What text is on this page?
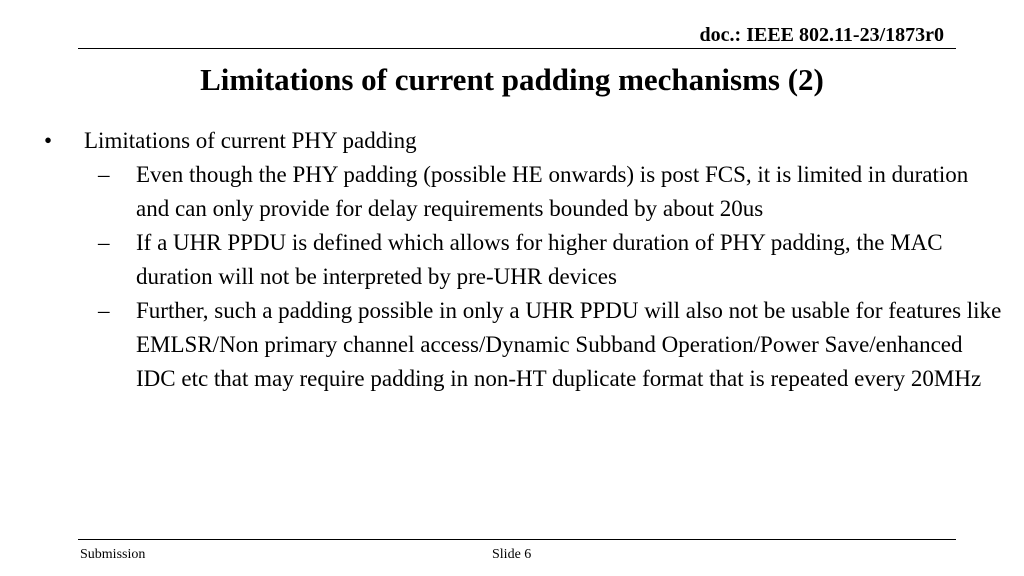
doc.: IEEE 802.11-23/1873r0
Limitations of current padding mechanisms (2)
• Limitations of current PHY padding
– Even though the PHY padding (possible HE onwards) is post FCS, it is limited in duration and can only provide for delay requirements bounded by about 20us
– If a UHR PPDU is defined which allows for higher duration of PHY padding, the MAC duration will not be interpreted by pre-UHR devices
– Further, such a padding possible in only a UHR PPDU will also not be usable for features like EMLSR/Non primary channel access/Dynamic Subband Operation/Power Save/enhanced IDC etc that may require padding in non-HT duplicate format that is repeated every 20MHz
Submission	Slide 6
